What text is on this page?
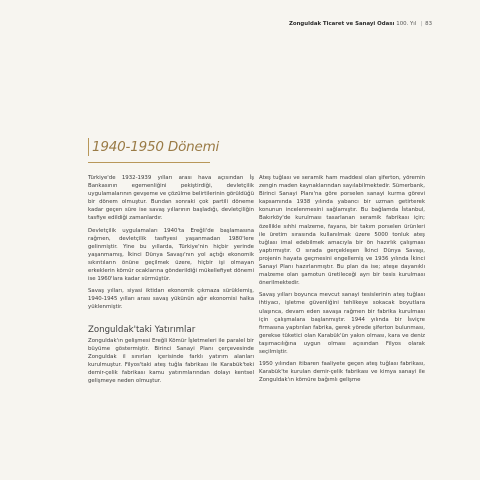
Zonguldak Ticaret ve Sanayi Odası 100. Yıl | 83
1940-1950 Dönemi

Türkiye'de 1932-1939 yılları arası hava açısından İş Bankasının egemenliğini pekiştirdiği, devletçilik uygulamalarının gevşeme ve çözülme belirtilerinin görüldüğü bir dönem olmuştur. Bundan sonraki çok partili döneme kadar geçen süre ise savaş yıllarının başladığı, devletçiliğin tasfiye edildiği zamanlardır.

Devletçilik uygulamaları 1940'ta Ereğli'de başlamasına rağmen, devletçilik tasfiyesi yaşanmadan 1980'lere gelinmiştir. Yine bu yıllarda, Türkiye'nin hiçbir yerinde yaşanmamış, İkinci Dünya Savaşı'nın yol açtığı ekonomik sıkıntıların önüne geçilmek üzere, hiçbir işi olmayan erkeklerin kömür ocaklarına gönderildiği mükellefiyet dönemi ise 1960'lara kadar sürmüştür.

Savaş yılları, siyasi iktidarı ekonomik çıkmaza sürüklemiş, 1940-1945 yılları arası savaş yükünün ağır ekonomisi halka yüklenmiştir.

Zonguldak'taki Yatırımlar

Zonguldak'ın gelişmesi Ereğli Kömür İşletmeleri ile paralel bir büyüme göstermiştir. Birinci Sanayi Planı çerçevesinde Zonguldak il sınırları içerisinde farklı yatırım alanları kurulmuştur. Filyos'taki ateş tuğla fabrikası ile Karabük'teki demir-çelik fabrikası kamu yatırımlarından dolayı kentsel gelişmeye neden olmuştur.

Ateş tuğlası ve seramik ham maddesi olan şiferton, yöremin zengin maden kaynaklarından sayılabilmektedir. Sümerbank, Birinci Sanayi Planı'na göre porselen sanayi kurma görevi kapsamında 1938 yılında yabancı bir uzman getirterek konunun incelenmesini sağlamıştır. Bu bağlamda İstanbul, Bakırköy'de kurulması tasarlanan seramik fabrikası için; özellikle sıhhi malzeme, fayans, bir takım porselen ürünleri ile üretim sırasında kullanılmak üzere 5000 tonluk ateş tuğlası imal edebilmek amacıyla bir ön hazırlık çalışması yaptırmıştır. O sırada gerçekleşen İkinci Dünya Savaşı, projenin hayata geçmesini engellemiş ve 1936 yılında İkinci Sanayi Planı hazırlanmıştır. Bu plan da ise; ateşe dayanıklı malzeme olan şamotun üretileceği ayrı bir tesis kurulması önerilmektedir.

Savaş yılları boyunca mevcut sanayi tesislerinin ateş tuğlası ihtiyacı, işletme güvenliğini tehlikeye sokacak boyutlara ulaşınca, devam eden savaşa rağmen bir fabrika kurulması için çalışmalara başlanmıştır. 1944 yılında bir İsviçre firmasına yaptırılan fabrika, gerek yörede şiferton bulunması, gerekse tüketici olan Karabük'ün yakın olması, kara ve deniz taşımacılığına uygun olması açısından Filyos olarak seçilmiştir.

1950 yılından itibaren faaliyete geçen ateş tuğlası fabrikası, Karabük'te kurulan demir-çelik fabrikası ve kimya sanayi ile Zonguldak'ın kömüre bağımlı gelişme
